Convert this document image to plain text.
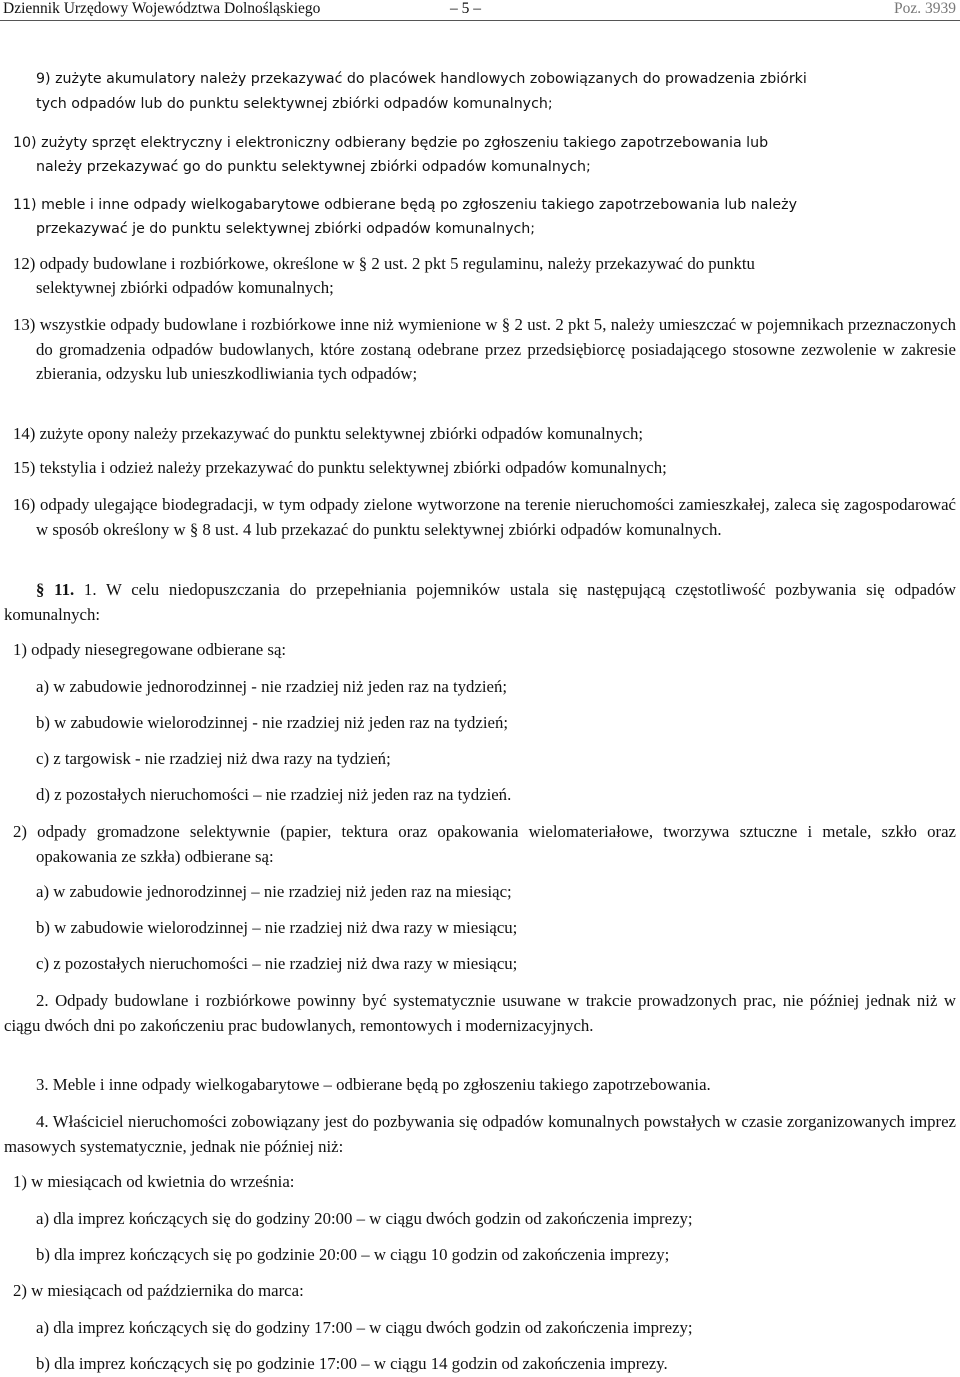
Dziennik Urzędowy Województwa Dolnośląskiego	– 5 –	Poz. 3939
9) zużyte akumulatory należy przekazywać do placówek handlowych zobowiązanych do prowadzenia zbiórki
tych odpadów lub do punktu selektywnej zbiórki odpadów komunalnych;
10) zużyty sprzęt elektryczny i elektroniczny odbierany będzie po zgłoszeniu takiego zapotrzebowania lub
należy przekazywać go do punktu selektywnej zbiórki odpadów komunalnych;
11) meble i inne odpady wielkogabarytowe odbierane będą po zgłoszeniu takiego zapotrzebowania lub należy
przekazywać je do punktu selektywnej zbiórki odpadów komunalnych;
12) odpady budowlane i rozbiórkowe, określone w § 2 ust. 2 pkt 5 regulaminu, należy przekazywać do punktu
selektywnej zbiórki odpadów komunalnych;
13) wszystkie odpady budowlane i rozbiórkowe inne niż wymienione w § 2 ust. 2 pkt 5, należy umieszczać w pojemnikach przeznaczonych do gromadzenia odpadów budowlanych, które zostaną odebrane przez przedsiębiorcę posiadającego stosowne zezwolenie w zakresie zbierania, odzysku lub unieszkodliwiania tych odpadów;
14) zużyte opony należy przekazywać do punktu selektywnej zbiórki odpadów komunalnych;
15) tekstylia i odzież należy przekazywać do punktu selektywnej zbiórki odpadów komunalnych;
16) odpady ulegające biodegradacji, w tym odpady zielone wytworzone na terenie nieruchomości zamieszkałej, zaleca się zagospodarować w sposób określony w § 8 ust. 4 lub przekazać do punktu selektywnej zbiórki odpadów komunalnych.
§ 11. 1. W celu niedopuszczania do przepełniania pojemników ustala się następującą częstotliwość pozbywania się odpadów komunalnych:
1) odpady niesegregowane odbierane są:
a) w zabudowie jednorodzinnej - nie rzadziej niż jeden raz na tydzień;
b) w zabudowie wielorodzinnej - nie rzadziej niż jeden raz na tydzień;
c) z targowisk - nie rzadziej niż dwa razy na tydzień;
d) z pozostałych nieruchomości – nie rzadziej niż jeden raz na tydzień.
2) odpady gromadzone selektywnie (papier, tektura oraz opakowania wielomateriałowe, tworzywa sztuczne i metale, szkło oraz opakowania ze szkła) odbierane są:
a) w zabudowie jednorodzinnej – nie rzadziej niż jeden raz na miesiąc;
b) w zabudowie wielorodzinnej – nie rzadziej niż dwa razy w miesiącu;
c) z pozostałych nieruchomości – nie rzadziej niż dwa razy w miesiącu;
2. Odpady budowlane i rozbiórkowe powinny być systematycznie usuwane w trakcie prowadzonych prac, nie później jednak niż w ciągu dwóch dni po zakończeniu prac budowlanych, remontowych i modernizacyjnych.
3. Meble i inne odpady wielkogabarytowe – odbierane będą po zgłoszeniu takiego zapotrzebowania.
4. Właściciel nieruchomości zobowiązany jest do pozbywania się odpadów komunalnych powstałych w czasie zorganizowanych imprez masowych systematycznie, jednak nie później niż:
1) w miesiącach od kwietnia do września:
a) dla imprez kończących się do godziny 20:00 – w ciągu dwóch godzin od zakończenia imprezy;
b) dla imprez kończących się po godzinie 20:00 – w ciągu 10 godzin od zakończenia imprezy;
2) w miesiącach od października do marca:
a) dla imprez kończących się do godziny 17:00 – w ciągu dwóch godzin od zakończenia imprezy;
b) dla imprez kończących się po godzinie 17:00 – w ciągu 14 godzin od zakończenia imprezy.
